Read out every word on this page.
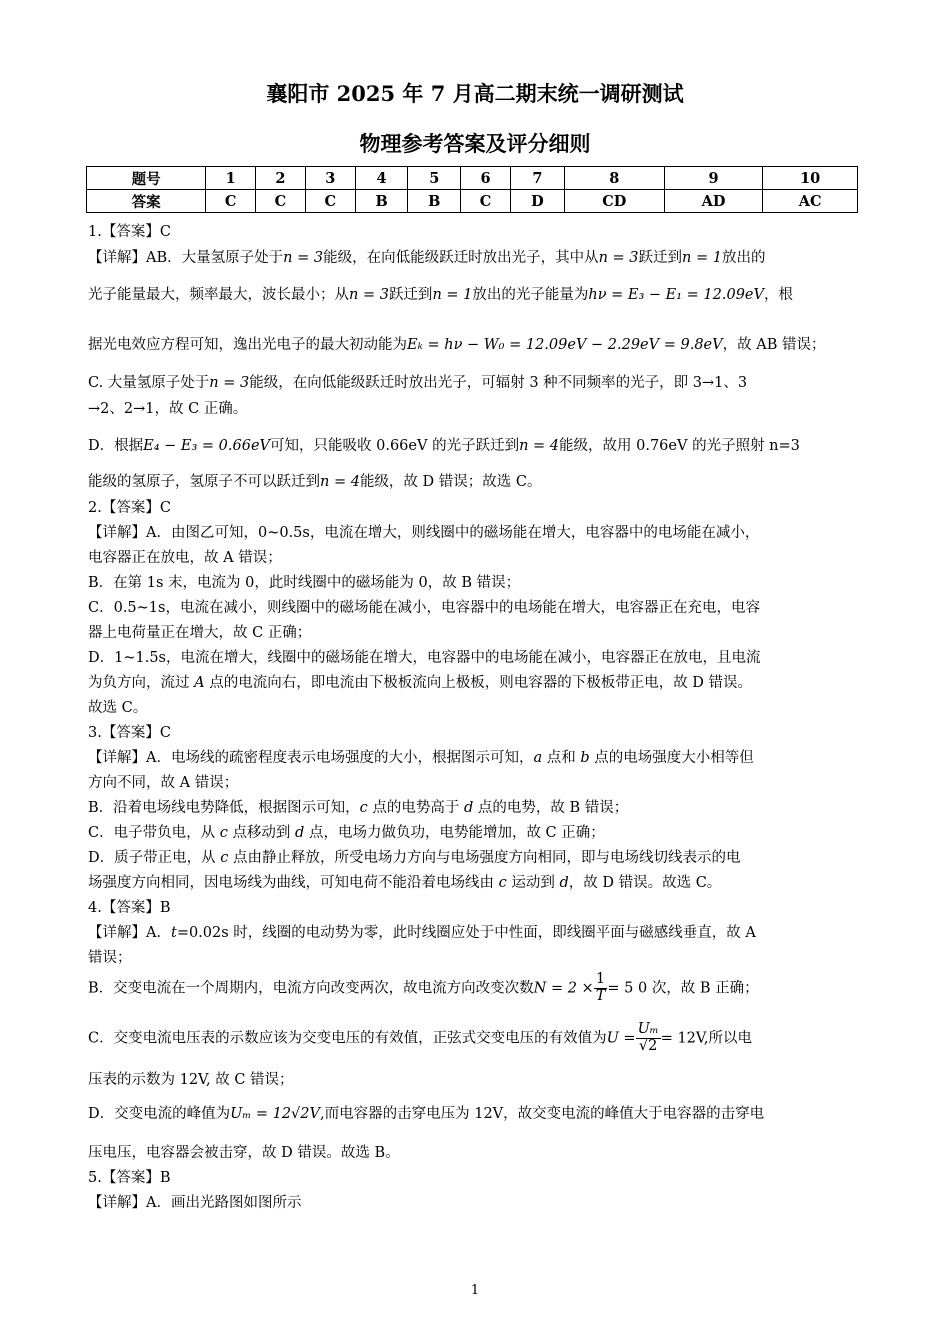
襄阳市 2025 年 7 月高二期末统一调研测试
物理参考答案及评分细则
题号	1	2	3	4	5	6	7	8	9	10
答案	C	C	C	B	B	C	D	CD	AD	AC
1.【答案】C
【详解】AB．大量氢原子处于n = 3能级，在向低能级跃迁时放出光子，其中从n = 3跃迁到n = 1放出的
光子能量最大，频率最大，波长最小；从n = 3跃迁到n = 1放出的光子能量为hν = E₃ − E₁ = 12.09eV，根
据光电效应方程可知，逸出光电子的最大初动能为Eₖ = hν − W₀ = 12.09eV − 2.29eV = 9.8eV，故 AB 错误；
C. 大量氢原子处于n = 3能级，在向低能级跃迁时放出光子，可辐射 3 种不同频率的光子，即 3→1、3
→2、2→1，故 C 正确。
D．根据E₄ − E₃ = 0.66eV可知，只能吸收 0.66eV 的光子跃迁到n = 4能级，故用 0.76eV 的光子照射 n=3
能级的氢原子，氢原子不可以跃迁到n = 4能级，故 D 错误；故选 C。
2.【答案】C
【详解】A．由图乙可知，0~0.5s，电流在增大，则线圈中的磁场能在增大，电容器中的电场能在减小，
电容器正在放电，故 A 错误；
B．在第 1s 末，电流为 0，此时线圈中的磁场能为 0，故 B 错误；
C．0.5~1s，电流在减小，则线圈中的磁场能在减小，电容器中的电场能在增大，电容器正在充电，电容
器上电荷量正在增大，故 C 正确；
D．1~1.5s，电流在增大，线圈中的磁场能在增大，电容器中的电场能在减小，电容器正在放电，且电流
为负方向，流过 A 点的电流向右，即电流由下极板流向上极板，则电容器的下极板带正电，故 D 错误。
故选 C。
3.【答案】C
【详解】A．电场线的疏密程度表示电场强度的大小，根据图示可知，a 点和 b 点的电场强度大小相等但
方向不同，故 A 错误；
B．沿着电场线电势降低，根据图示可知，c 点的电势高于 d 点的电势，故 B 错误；
C．电子带负电，从 c 点移动到 d 点，电场力做负功，电势能增加，故 C 正确；
D．质子带正电，从 c 点由静止释放，所受电场力方向与电场强度方向相同，即与电场线切线表示的电
场强度方向相同，因电场线为曲线，可知电荷不能沿着电场线由 c 运动到 d，故 D 错误。故选 C。
4.【答案】B
【详解】A．t=0.02s 时，线圈的电动势为零，此时线圈应处于中性面，即线圈平面与磁感线垂直，故 A
错误；
B．交变电流在一个周期内，电流方向改变两次，故电流方向改变次数$N = 2 \times \frac{1}{T} = 5$ 0 次，故 B 正确；
C．交变电流电压表的示数应该为交变电压的有效值，正弦式交变电压的有效值为$U = \frac{\text{Uₘ}}{√2} = 12V$,所以电
压表的示数为 12V, 故 C 错误；
D．交变电流的峰值为Uₘ = 12√2V,而电容器的击穿电压为 12V，故交变电流的峰值大于电容器的击穿电
压电压，电容器会被击穿，故 D 错误。故选 B。
5.【答案】B
【详解】A．画出光路图如图所示
1
